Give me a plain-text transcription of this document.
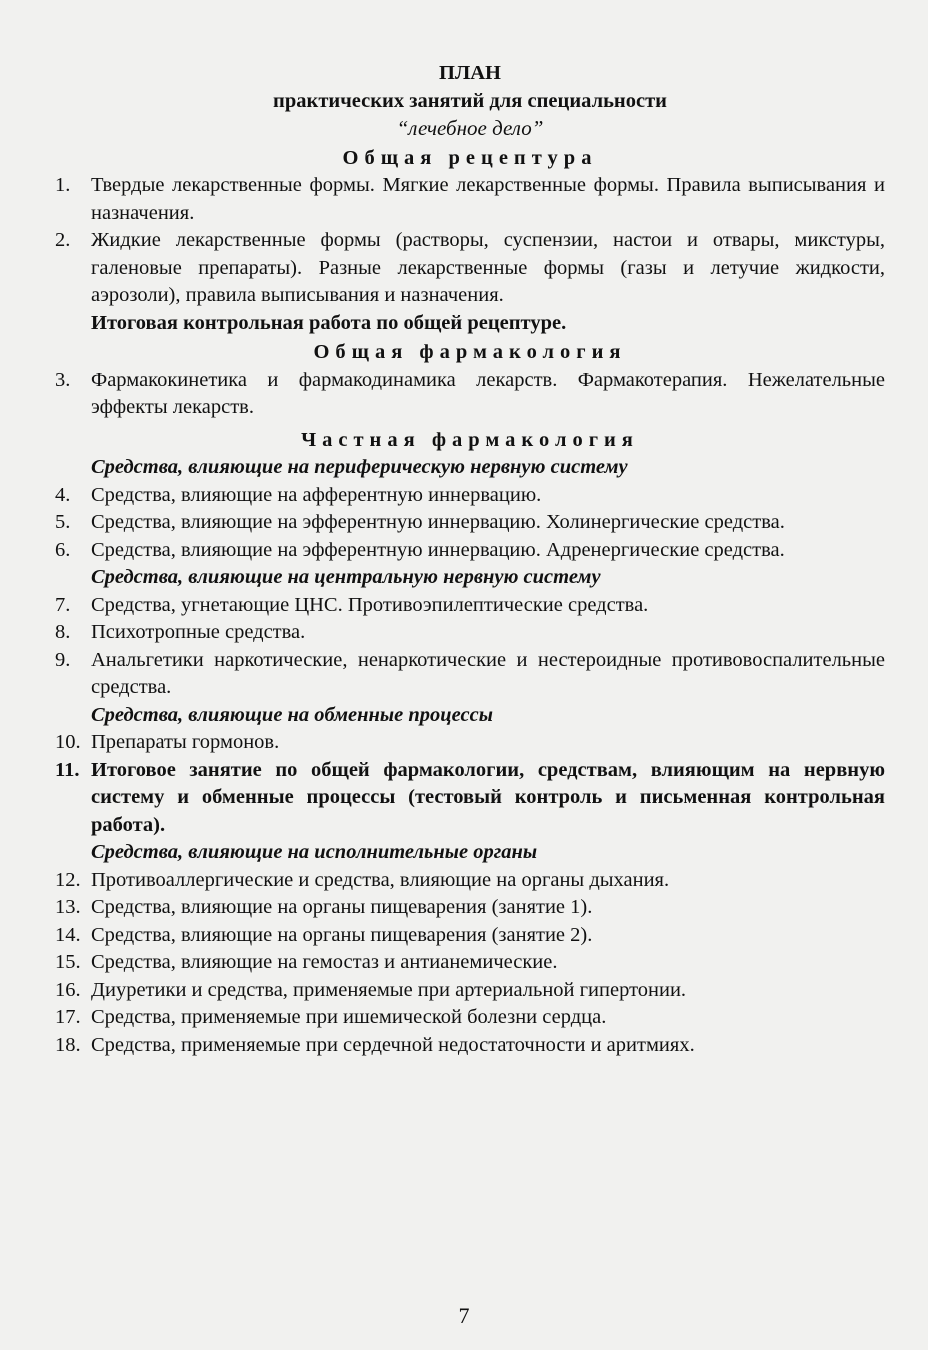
ПЛАН
практических занятий для специальности
“лечебное дело”
Общая рецептура
1.	Твердые лекарственные формы. Мягкие лекарственные формы. Правила выписывания и назначения.
2.	Жидкие лекарственные формы (растворы, суспензии, настои и отвары, микстуры, галеновые препараты). Разные лекарственные формы (газы и летучие жидкости, аэрозоли), правила выписывания и назначения.
Итоговая контрольная работа по общей рецептуре.
Общая фармакология
3.	Фармакокинетика и фармакодинамика лекарств. Фармакотерапия. Нежелательные эффекты лекарств.
Частная фармакология
Средства, влияющие на периферическую нервную систему
4.	Средства, влияющие на афферентную иннервацию.
5.	Средства, влияющие на эфферентную иннервацию. Холинергические средства.
6.	Средства, влияющие на эфферентную иннервацию. Адренергические средства.
Средства, влияющие на центральную нервную систему
7.	Средства, угнетающие ЦНС. Противоэпилептические средства.
8.	Психотропные средства.
9.	Анальгетики наркотические, ненаркотические и нестероидные противовоспалительные средства.
Средства, влияющие на обменные процессы
10. Препараты гормонов.
11. Итоговое занятие по общей фармакологии, средствам, влияющим на нервную систему и обменные процессы (тестовый контроль и письменная контрольная работа).
Средства, влияющие на исполнительные органы
12. Противоаллергические и средства, влияющие на органы дыхания.
13. Средства, влияющие на органы пищеварения (занятие 1).
14. Средства, влияющие на органы пищеварения (занятие 2).
15. Средства, влияющие на гемостаз и антианемические.
16. Диуретики и средства, применяемые при артериальной гипертонии.
17. Средства, применяемые при ишемической болезни сердца.
18. Средства, применяемые при сердечной недостаточности и аритмиях.
7
